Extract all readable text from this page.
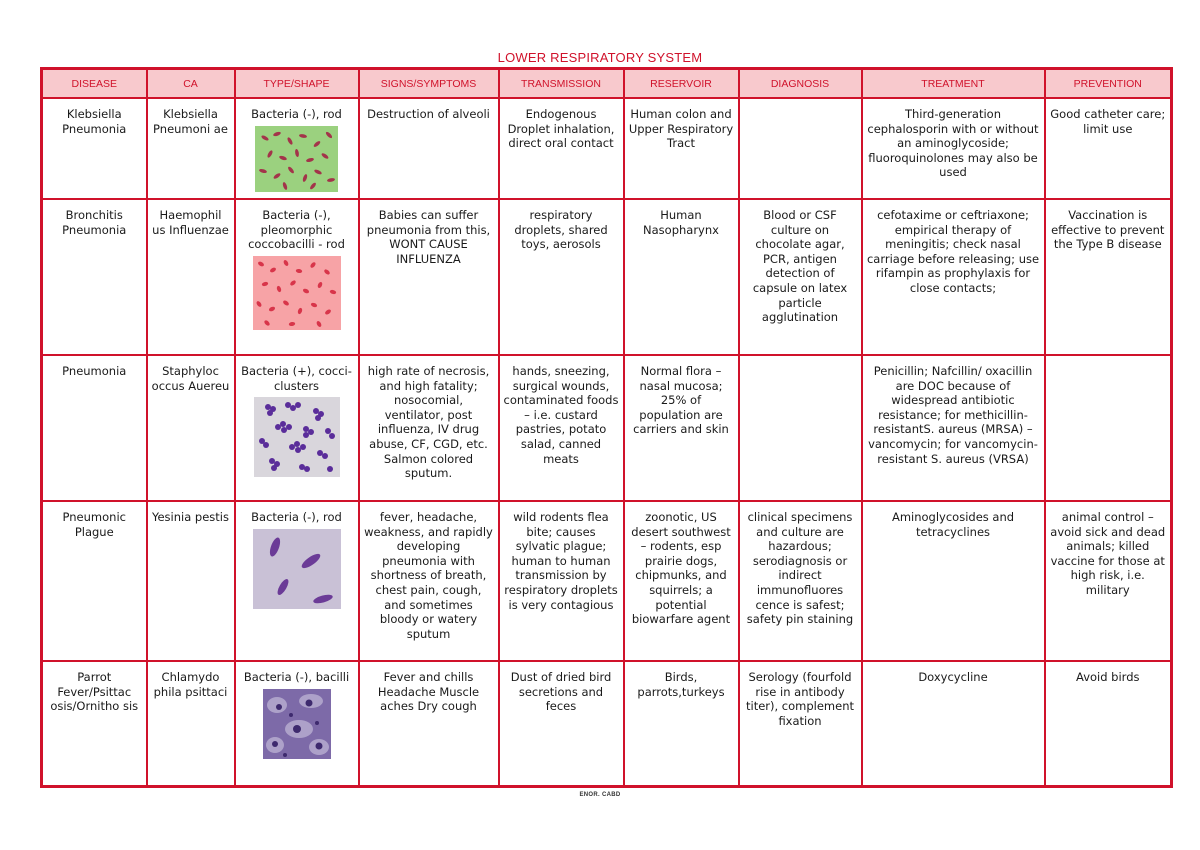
LOWER RESPIRATORY SYSTEM
DISEASE	CA	TYPE/SHAPE	SIGNS/SYMPTOMS	TRANSMISSION	RESERVOIR	DIAGNOSIS	TREATMENT	PREVENTION
Klebsiella Pneumonia	Klebsiella Pneumoni ae	Bacteria (-), rod	Destruction of alveoli	Endogenous Droplet inhalation, direct oral contact	Human colon and Upper Respiratory Tract		Third-generation cephalosporin with or without an aminoglycoside; fluoroquinolones may also be used	Good catheter care; limit use
Bronchitis Pneumonia	Haemophil us Influenzae	Bacteria (-), pleomorphic coccobacilli - rod	Babies can suffer pneumonia from this, WONT CAUSE INFLUENZA	respiratory droplets, shared toys, aerosols	Human Nasopharynx	Blood or CSF culture on chocolate agar, PCR, antigen detection of capsule on latex particle agglutination	cefotaxime or ceftriaxone; empirical therapy of meningitis; check nasal carriage before releasing; use rifampin as prophylaxis for close contacts;	Vaccination is effective to prevent the Type B disease
Pneumonia	Staphyloc occus Auereu	Bacteria (+), cocci-clusters	high rate of necrosis, and high fatality; nosocomial, ventilator, post influenza, IV drug abuse, CF, CGD, etc. Salmon colored sputum.	hands, sneezing, surgical wounds, contaminated foods – i.e. custard pastries, potato salad, canned meats	Normal flora – nasal mucosa; 25% of population are carriers and skin		Penicillin; Nafcillin/ oxacillin are DOC because of widespread antibiotic resistance; for methicillin-resistantS. aureus (MRSA) – vancomycin; for vancomycin-resistant S. aureus (VRSA)	
Pneumonic Plague	Yesinia pestis	Bacteria (-), rod	fever, headache, weakness, and rapidly developing pneumonia with shortness of breath, chest pain, cough, and sometimes bloody or watery sputum	wild rodents flea bite; causes sylvatic plague; human to human transmission by respiratory droplets is very contagious	zoonotic, US desert southwest – rodents, esp prairie dogs, chipmunks, and squirrels; a potential biowarfare agent	clinical specimens and culture are hazardous; serodiagnosis or indirect immunofluores cence is safest; safety pin staining	Aminoglycosides and tetracyclines	animal control – avoid sick and dead animals; killed vaccine for those at high risk, i.e. military
Parrot Fever/Psittac osis/Ornitho sis	Chlamydo phila psittaci	Bacteria (-), bacilli	Fever and chills Headache Muscle aches Dry cough	Dust of dried bird secretions and feces	Birds, parrots,turkeys	Serology (fourfold rise in antibody titer), complement fixation	Doxycycline	Avoid birds
ENOR. CABD
